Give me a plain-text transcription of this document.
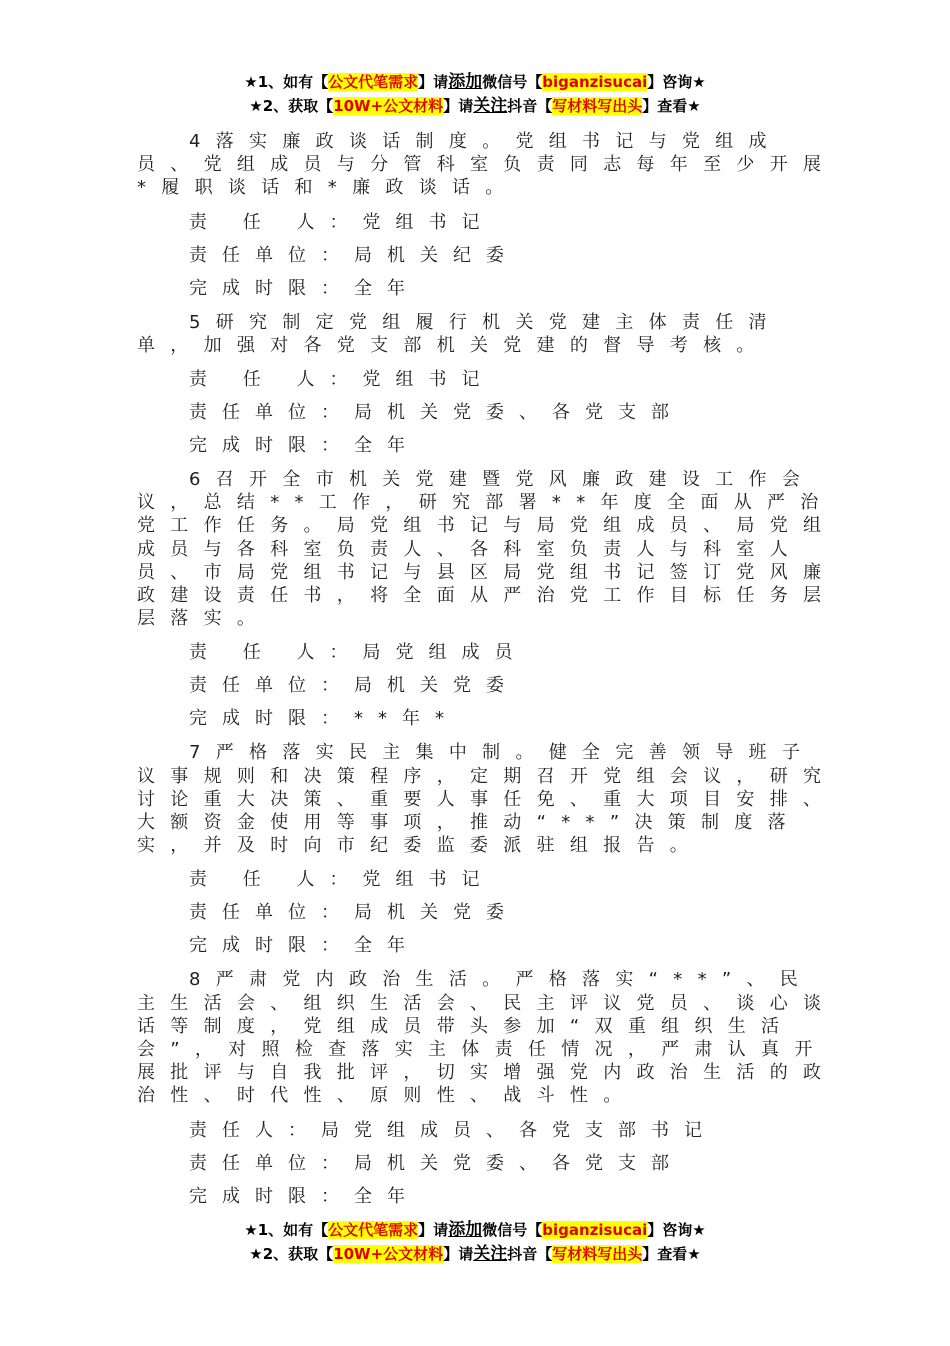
★1、如有【公文代笔需求】请添加微信号【biganzisucai】咨询★
★2、获取【10W+公文材料】请关注抖音【写材料写出头】查看★

4落实廉政谈话制度。党组书记与党组成员、党组成员与分管科室负责同志每年至少开展*履职谈话和*廉政谈话。

责 任 人：党组书记

责任单位：局机关纪委

完成时限：全年

5研究制定党组履行机关党建主体责任清单，加强对各党支部机关党建的督导考核。

责 任 人：党组书记

责任单位：局机关党委、各党支部

完成时限：全年

6召开全市机关党建暨党风廉政建设工作会议，总结**工作，研究部署**年度全面从严治党工作任务。局党组书记与局党组成员、局党组成员与各科室负责人、各科室负责人与科室人员、市局党组书记与县区局党组书记签订党风廉政建设责任书，将全面从严治党工作目标任务层层落实。

责 任 人：局党组成员

责任单位：局机关党委

完成时限：**年*

7严格落实民主集中制。健全完善领导班子议事规则和决策程序，定期召开党组会议，研究讨论重大决策、重要人事任免、重大项目安排、大额资金使用等事项，推动“**”决策制度落实，并及时向市纪委监委派驻组报告。

责 任 人：党组书记

责任单位：局机关党委

完成时限：全年

8严肃党内政治生活。严格落实“**”、民主生活会、组织生活会、民主评议党员、谈心谈话等制度，党组成员带头参加“双重组织生活会”，对照检查落实主体责任情况，严肃认真开展批评与自我批评，切实增强党内政治生活的政治性、时代性、原则性、战斗性。

责任人：局党组成员、各党支部书记

责任单位：局机关党委、各党支部

完成时限：全年

★1、如有【公文代笔需求】请添加微信号【biganzisucai】咨询★
★2、获取【10W+公文材料】请关注抖音【写材料写出头】查看★
